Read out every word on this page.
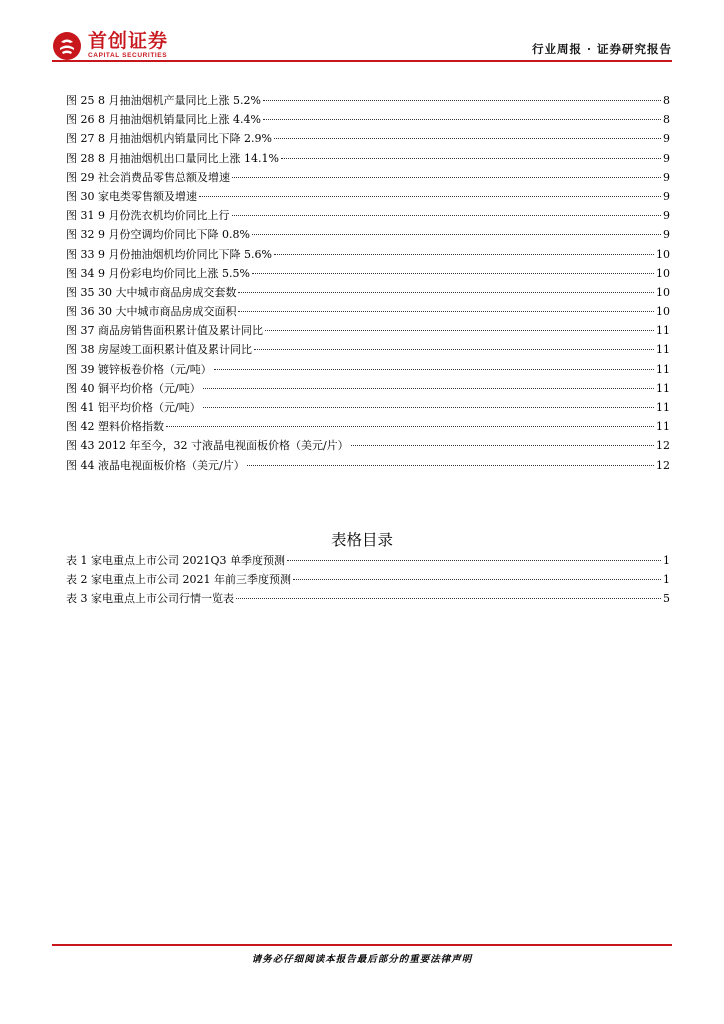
首创证券
CAPITAL SECURITIES	行业周报 · 证券研究报告
图 25 8 月抽油烟机产量同比上涨 5.2%	8
图 26 8 月抽油烟机销量同比上涨 4.4%	8
图 27 8 月抽油烟机内销量同比下降 2.9%	9
图 28 8 月抽油烟机出口量同比上涨 14.1%	9
图 29 社会消费品零售总额及增速	9
图 30 家电类零售额及增速	9
图 31 9 月份洗衣机均价同比上行	9
图 32 9 月份空调均价同比下降 0.8%	9
图 33 9 月份抽油烟机均价同比下降 5.6%	10
图 34 9 月份彩电均价同比上涨 5.5%	10
图 35 30 大中城市商品房成交套数	10
图 36 30 大中城市商品房成交面积	10
图 37 商品房销售面积累计值及累计同比	11
图 38 房屋竣工面积累计值及累计同比	11
图 39 镀锌板卷价格（元/吨）	11
图 40 铜平均价格（元/吨）	11
图 41 铝平均价格（元/吨）	11
图 42 塑料价格指数	11
图 43 2012 年至今，32 寸液晶电视面板价格（美元/片）	12
图 44 液晶电视面板价格（美元/片）	12
表格目录
表 1 家电重点上市公司 2021Q3 单季度预测	1
表 2 家电重点上市公司 2021 年前三季度预测	1
表 3 家电重点上市公司行情一览表	5
请务必仔细阅读本报告最后部分的重要法律声明
